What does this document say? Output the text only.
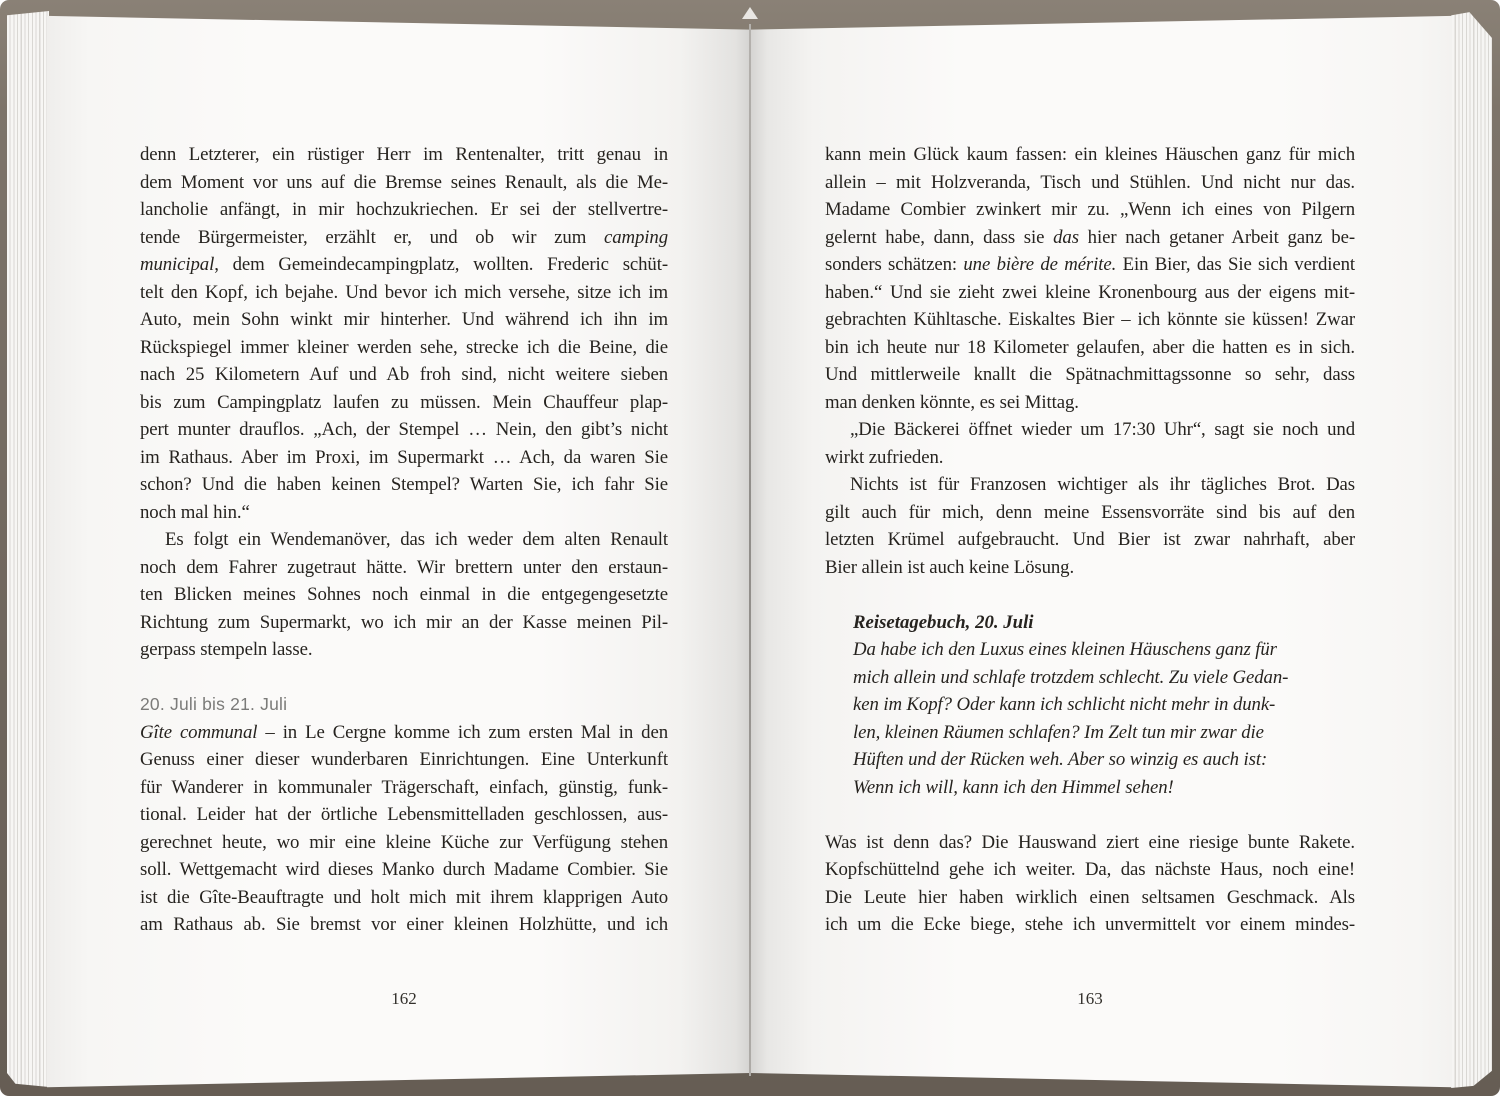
denn Letzterer, ein rüstiger Herr im Rentenalter, tritt genau in
dem Moment vor uns auf die Bremse seines Renault, als die Me-
lancholie anfängt, in mir hochzukriechen. Er sei der stellvertre-
tende Bürgermeister, erzählt er, und ob wir zum camping
municipal, dem Gemeindecampingplatz, wollten. Frederic schüt-
telt den Kopf, ich bejahe. Und bevor ich mich versehe, sitze ich im
Auto, mein Sohn winkt mir hinterher. Und während ich ihn im
Rückspiegel immer kleiner werden sehe, strecke ich die Beine, die
nach 25 Kilometern Auf und Ab froh sind, nicht weitere sieben
bis zum Campingplatz laufen zu müssen. Mein Chauffeur plap-
pert munter drauflos. „Ach, der Stempel … Nein, den gibt’s nicht
im Rathaus. Aber im Proxi, im Supermarkt … Ach, da waren Sie
schon? Und die haben keinen Stempel? Warten Sie, ich fahr Sie
noch mal hin.“
Es folgt ein Wendemanöver, das ich weder dem alten Renault
noch dem Fahrer zugetraut hätte. Wir brettern unter den erstaun-
ten Blicken meines Sohnes noch einmal in die entgegengesetzte
Richtung zum Supermarkt, wo ich mir an der Kasse meinen Pil-
gerpass stempeln lasse.
20. Juli bis 21. Juli
Gîte communal – in Le Cergne komme ich zum ersten Mal in den
Genuss einer dieser wunderbaren Einrichtungen. Eine Unterkunft
für Wanderer in kommunaler Trägerschaft, einfach, günstig, funk-
tional. Leider hat der örtliche Lebensmittelladen geschlossen, aus-
gerechnet heute, wo mir eine kleine Küche zur Verfügung stehen
soll. Wettgemacht wird dieses Manko durch Madame Combier. Sie
ist die Gîte-Beauftragte und holt mich mit ihrem klapprigen Auto
am Rathaus ab. Sie bremst vor einer kleinen Holzhütte, und ich
kann mein Glück kaum fassen: ein kleines Häuschen ganz für mich
allein – mit Holzveranda, Tisch und Stühlen. Und nicht nur das.
Madame Combier zwinkert mir zu. „Wenn ich eines von Pilgern
gelernt habe, dann, dass sie das hier nach getaner Arbeit ganz be-
sonders schätzen: une bière de mérite. Ein Bier, das Sie sich verdient
haben.“ Und sie zieht zwei kleine Kronenbourg aus der eigens mit-
gebrachten Kühltasche. Eiskaltes Bier – ich könnte sie küssen! Zwar
bin ich heute nur 18 Kilometer gelaufen, aber die hatten es in sich.
Und mittlerweile knallt die Spätnachmittagssonne so sehr, dass
man denken könnte, es sei Mittag.
„Die Bäckerei öffnet wieder um 17:30 Uhr“, sagt sie noch und
wirkt zufrieden.
Nichts ist für Franzosen wichtiger als ihr tägliches Brot. Das
gilt auch für mich, denn meine Essensvorräte sind bis auf den
letzten Krümel aufgebraucht. Und Bier ist zwar nahrhaft, aber
Bier allein ist auch keine Lösung.
Reisetagebuch, 20. Juli
Da habe ich den Luxus eines kleinen Häuschens ganz für
mich allein und schlafe trotzdem schlecht. Zu viele Gedan-
ken im Kopf? Oder kann ich schlicht nicht mehr in dunk-
len, kleinen Räumen schlafen? Im Zelt tun mir zwar die
Hüften und der Rücken weh. Aber so winzig es auch ist:
Wenn ich will, kann ich den Himmel sehen!
Was ist denn das? Die Hauswand ziert eine riesige bunte Rakete.
Kopfschüttelnd gehe ich weiter. Da, das nächste Haus, noch eine!
Die Leute hier haben wirklich einen seltsamen Geschmack. Als
ich um die Ecke biege, stehe ich unvermittelt vor einem mindes-
162	163
